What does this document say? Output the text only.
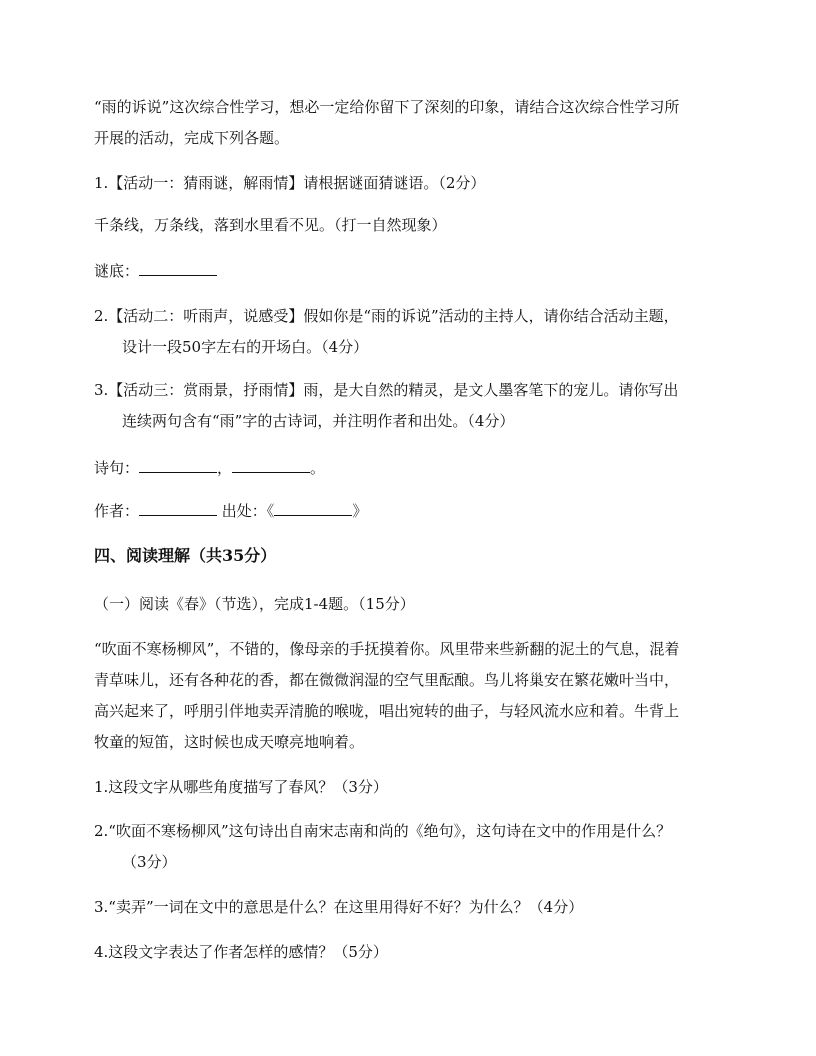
“雨的诉说”这次综合性学习，想必一定给你留下了深刻的印象，请结合这次综合性学习所
开展的活动，完成下列各题。
1.【活动一：猜雨谜，解雨情】请根据谜面猜谜语。（2分）
千条线，万条线，落到水里看不见。（打一自然现象）
谜底：
2.【活动二：听雨声，说感受】假如你是“雨的诉说”活动的主持人，请你结合活动主题，
设计一段50字左右的开场白。（4分）
3.【活动三：赏雨景，抒雨情】雨，是大自然的精灵，是文人墨客笔下的宠儿。请你写出
连续两句含有“雨”字的古诗词，并注明作者和出处。（4分）
诗句：	，	。
作者：	出处：《	》
四、阅读理解（共35分）
（一）阅读《春》（节选），完成1-4题。（15分）
“吹面不寒杨柳风”，不错的，像母亲的手抚摸着你。风里带来些新翻的泥土的气息，混着
青草味儿，还有各种花的香，都在微微润湿的空气里酝酿。鸟儿将巢安在繁花嫩叶当中，
高兴起来了，呼朋引伴地卖弄清脆的喉咙，唱出宛转的曲子，与轻风流水应和着。牛背上
牧童的短笛，这时候也成天嘹亮地响着。
1.这段文字从哪些角度描写了春风？（3分）
2.“吹面不寒杨柳风”这句诗出自南宋志南和尚的《绝句》，这句诗在文中的作用是什么？
（3分）
3.“卖弄”一词在文中的意思是什么？在这里用得好不好？为什么？（4分）
4.这段文字表达了作者怎样的感情？（5分）
